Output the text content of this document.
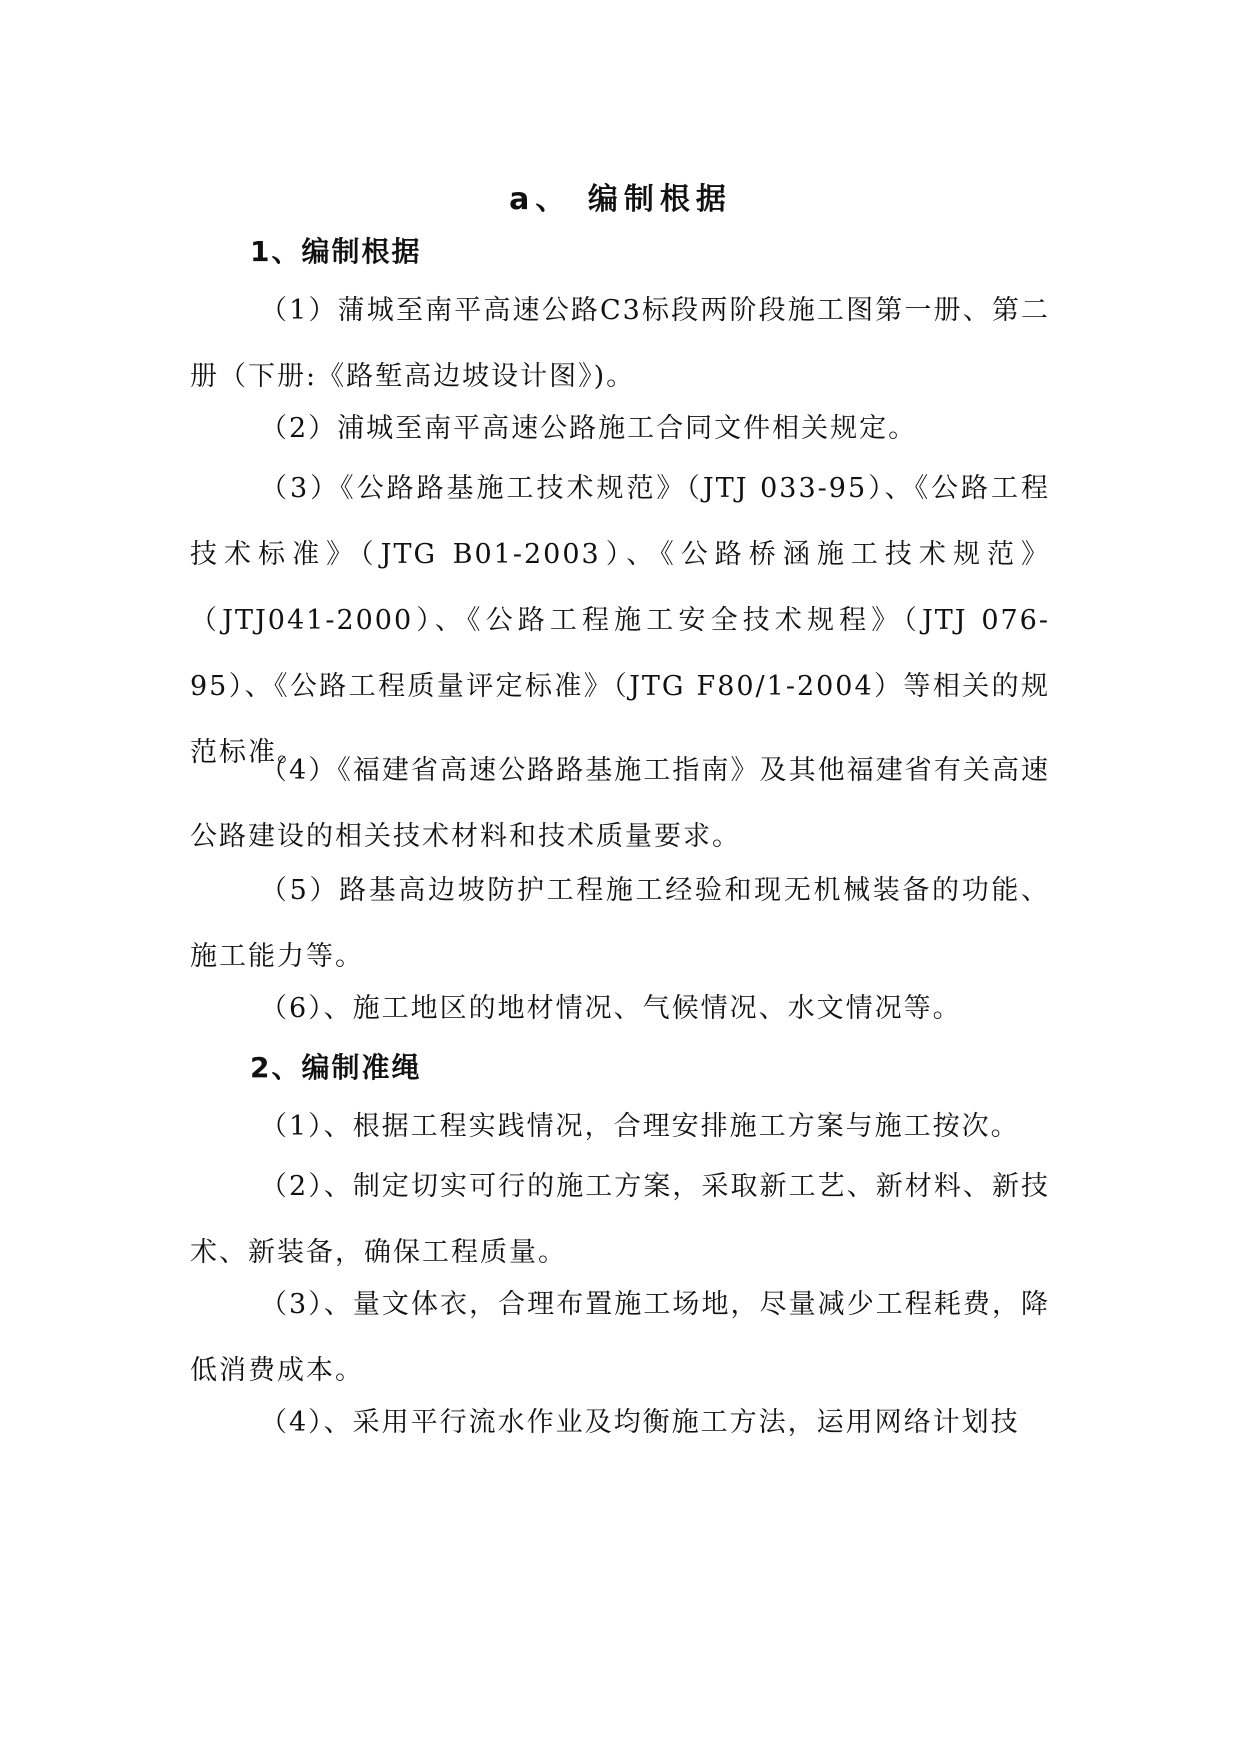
a、 编制根据
1、编制根据

（1）蒲城至南平高速公路C3标段两阶段施工图第一册、第二册（下册:《路堑高边坡设计图》)。

（2）浦城至南平高速公路施工合同文件相关规定。

（3）《公路路基施工技术规范》（JTJ 033-95）、《公路工程技术标准》（JTG B01-2003）、《公路桥涵施工技术规范》（JTJ041-2000）、《公路工程施工安全技术规程》（JTJ 076-95）、《公路工程质量评定标准》（JTG F80/1-2004）等相关的规范标准。

（4）《福建省高速公路路基施工指南》及其他福建省有关高速公路建设的相关技术材料和技术质量要求。

（5）路基高边坡防护工程施工经验和现无机械装备的功能、施工能力等。

（6）、施工地区的地材情况、气候情况、水文情况等。

2、编制准绳

（1）、根据工程实践情况，合理安排施工方案与施工按次。

（2）、制定切实可行的施工方案，采取新工艺、新材料、新技术、新装备，确保工程质量。

（3）、量文体衣，合理布置施工场地，尽量减少工程耗费，降低消费成本。

（4）、采用平行流水作业及均衡施工方法，运用网络计划技
